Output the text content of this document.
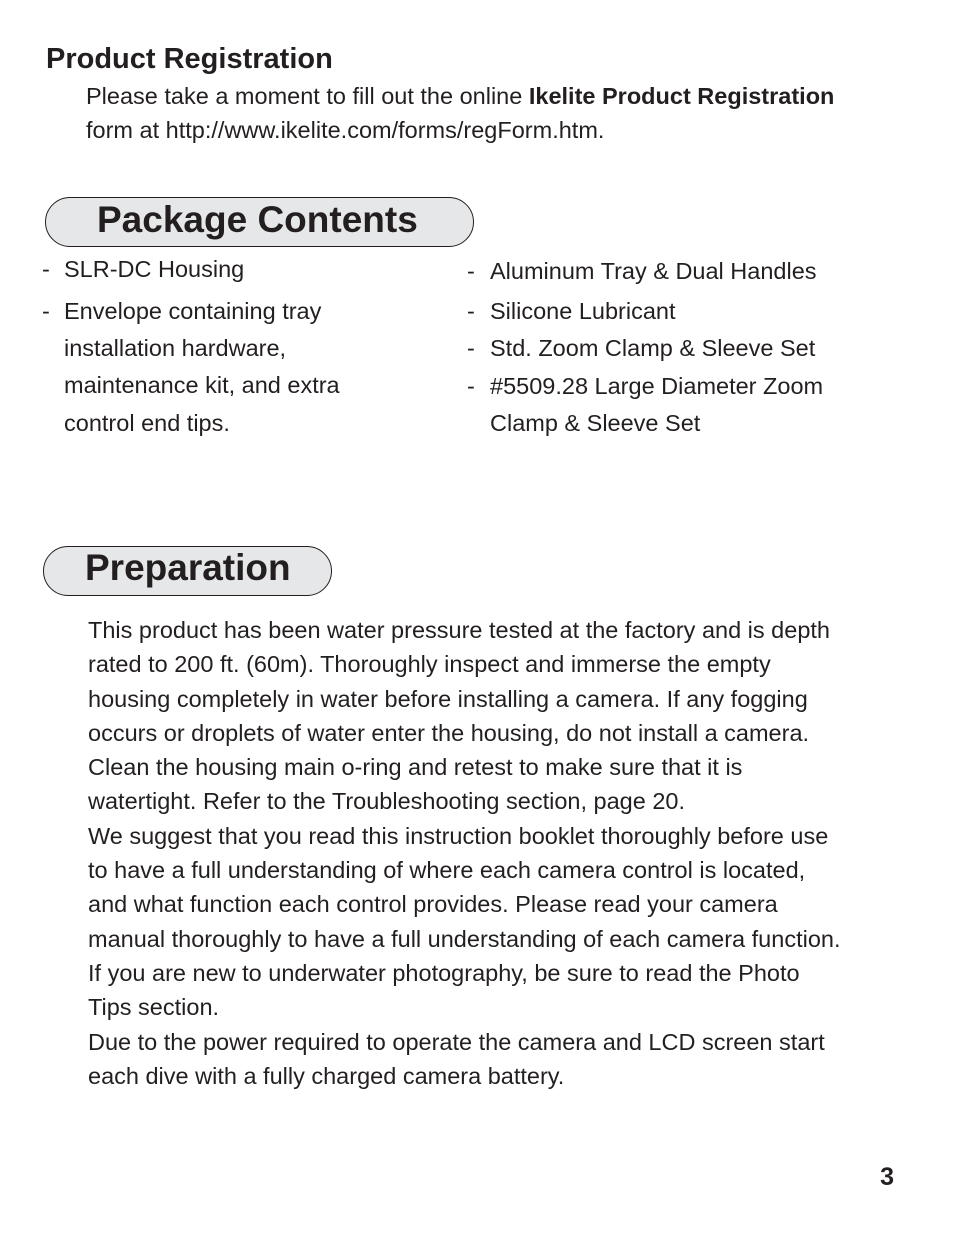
Product Registration
Please take a moment to fill out the online Ikelite Product Registration
form at http://www.ikelite.com/forms/regForm.htm.
Package Contents
- SLR-DC Housing
- Envelope containing tray
installation hardware,
maintenance kit, and extra
control end tips.
- Aluminum Tray & Dual Handles
- Silicone Lubricant
- Std. Zoom Clamp & Sleeve Set
- #5509.28 Large Diameter Zoom
Clamp & Sleeve Set
Preparation
This product has been water pressure tested at the factory and is depth
rated to 200 ft. (60m). Thoroughly inspect and immerse the empty
housing completely in water before installing a camera. If any fogging
occurs or droplets of water enter the housing, do not install a camera.
Clean the housing main o-ring and retest to make sure that it is
watertight. Refer to the Troubleshooting section, page 20.
We suggest that you read this instruction booklet thoroughly before use
to have a full understanding of where each camera control is located,
and what function each control provides. Please read your camera
manual thoroughly to have a full understanding of each camera function.
If you are new to underwater photography, be sure to read the Photo
Tips section.
Due to the power required to operate the camera and LCD screen start
each dive with a fully charged camera battery.
3
